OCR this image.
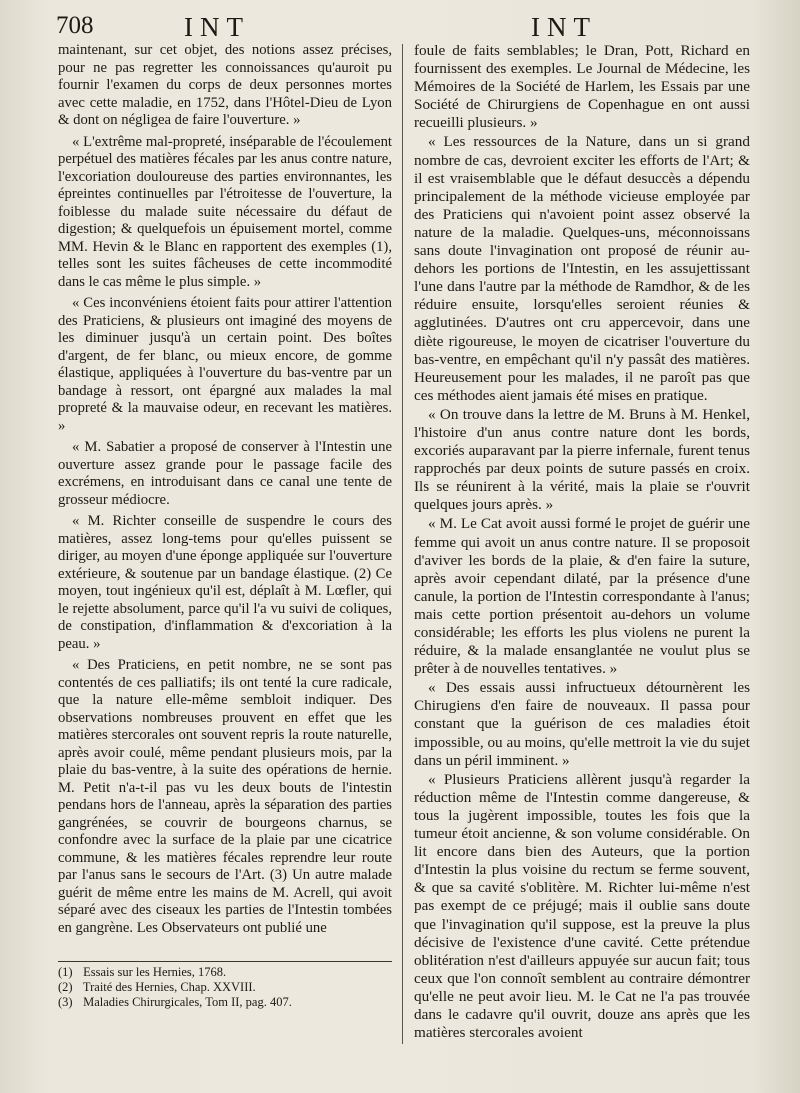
708	INT	INT

maintenant, sur cet objet, des notions assez précises, pour ne pas regretter les connoissances qu'auroit pu fournir l'examen du corps de deux personnes mortes avec cette maladie, en 1752, dans l'Hôtel-Dieu de Lyon & dont on négligea de faire l'ouverture. »

« L'extrême mal-propreté, inséparable de l'écoulement perpétuel des matières fécales par les anus contre nature, l'excoriation douloureuse des parties environnantes, les épreintes continuelles par l'étroitesse de l'ouverture, la foiblesse du malade suite nécessaire du défaut de digestion; & quelquefois un épuisement mortel, comme MM. Hevin & le Blanc en rapportent des exemples (1), telles sont les suites fâcheuses de cette incommodité dans le cas même le plus simple. »

« Ces inconvéniens étoient faits pour attirer l'attention des Praticiens, & plusieurs ont imaginé des moyens de les diminuer jusqu'à un certain point. Des boîtes d'argent, de fer blanc, ou mieux encore, de gomme élastique, appliquées à l'ouverture du bas-ventre par un bandage à ressort, ont épargné aux malades la mal propreté & la mauvaise odeur, en recevant les matières. »

« M. Sabatier a proposé de conserver à l'Intestin une ouverture assez grande pour le passage facile des excrémens, en introduisant dans ce canal une tente de grosseur médiocre.

« M. Richter conseille de suspendre le cours des matières, assez long-tems pour qu'elles puissent se diriger, au moyen d'une éponge appliquée sur l'ouverture extérieure, & soutenue par un bandage élastique. (2) Ce moyen, tout ingénieux qu'il est, déplaît à M. Lœfler, qui le rejette absolument, parce qu'il l'a vu suivi de coliques, de constipation, d'inflammation & d'excoriation à la peau. »

« Des Praticiens, en petit nombre, ne se sont pas contentés de ces palliatifs; ils ont tenté la cure radicale, que la nature elle-même sembloit indiquer. Des observations nombreuses prouvent en effet que les matières stercorales ont souvent repris la route naturelle, après avoir coulé, même pendant plusieurs mois, par la plaie du bas-ventre, à la suite des opérations de hernie. M. Petit n'a-t-il pas vu les deux bouts de l'intestin pendans hors de l'anneau, après la séparation des parties gangrénées, se couvrir de bourgeons charnus, se confondre avec la surface de la plaie par une cicatrice commune, & les matières fécales reprendre leur route par l'anus sans le secours de l'Art. (3) Un autre malade guérit de même entre les mains de M. Acrell, qui avoit séparé avec des ciseaux les parties de l'Intestin tombées en gangrène. Les Observateurs ont publié une

foule de faits semblables; le Dran, Pott, Richard en fournissent des exemples. Le Journal de Médecine, les Mémoires de la Société de Harlem, les Essais par une Société de Chirurgiens de Copenhague en ont aussi recueilli plusieurs. »

« Les ressources de la Nature, dans un si grand nombre de cas, devroient exciter les efforts de l'Art; & il est vraisemblable que le défaut desuccès a dépendu principalement de la méthode vicieuse employée par des Praticiens qui n'avoient point assez observé la nature de la maladie. Quelques-uns, méconnoissans sans doute l'invagination ont proposé de réunir au-dehors les portions de l'Intestin, en les assujettissant l'une dans l'autre par la méthode de Ramdhor, & de les réduire ensuite, lorsqu'elles seroient réunies & agglutinées. D'autres ont cru appercevoir, dans une diète rigoureuse, le moyen de cicatriser l'ouverture du bas-ventre, en empêchant qu'il n'y passât des matières. Heureusement pour les malades, il ne paroît pas que ces méthodes aient jamais été mises en pratique.

« On trouve dans la lettre de M. Bruns à M. Henkel, l'histoire d'un anus contre nature dont les bords, excoriés auparavant par la pierre infernale, furent tenus rapprochés par deux points de suture passés en croix. Ils se réunirent à la vérité, mais la plaie se r'ouvrit quelques jours après. »

« M. Le Cat avoit aussi formé le projet de guérir une femme qui avoit un anus contre nature. Il se proposoit d'aviver les bords de la plaie, & d'en faire la suture, après avoir cependant dilaté, par la présence d'une canule, la portion de l'Intestin correspondante à l'anus; mais cette portion présentoit au-dehors un volume considérable; les efforts les plus violens ne purent la réduire, & la malade ensanglantée ne voulut plus se prêter à de nouvelles tentatives. »

« Des essais aussi infructueux détournèrent les Chirugiens d'en faire de nouveaux. Il passa pour constant que la guérison de ces maladies étoit impossible, ou au moins, qu'elle mettroit la vie du sujet dans un péril imminent. »

« Plusieurs Praticiens allèrent jusqu'à regarder la réduction même de l'Intestin comme dangereuse, & tous la jugèrent impossible, toutes les fois que la tumeur étoit ancienne, & son volume considérable. On lit encore dans bien des Auteurs, que la portion d'Intestin la plus voisine du rectum se ferme souvent, & que sa cavité s'oblitère. M. Richter lui-même n'est pas exempt de ce préjugé; mais il oublie sans doute que l'invagination qu'il suppose, est la preuve la plus décisive de l'existence d'une cavité. Cette prétendue oblitération n'est d'ailleurs appuyée sur aucun fait; tous ceux que l'on connoît semblent au contraire démontrer qu'elle ne peut avoir lieu. M. le Cat ne l'a pas trouvée dans le cadavre qu'il ouvrit, douze ans après que les matières stercorales avoient

(1) Essais sur les Hernies, 1768.
(2) Traité des Hernies, Chap. XXVIII.
(3) Maladies Chirurgicales, Tom II, pag. 407.
